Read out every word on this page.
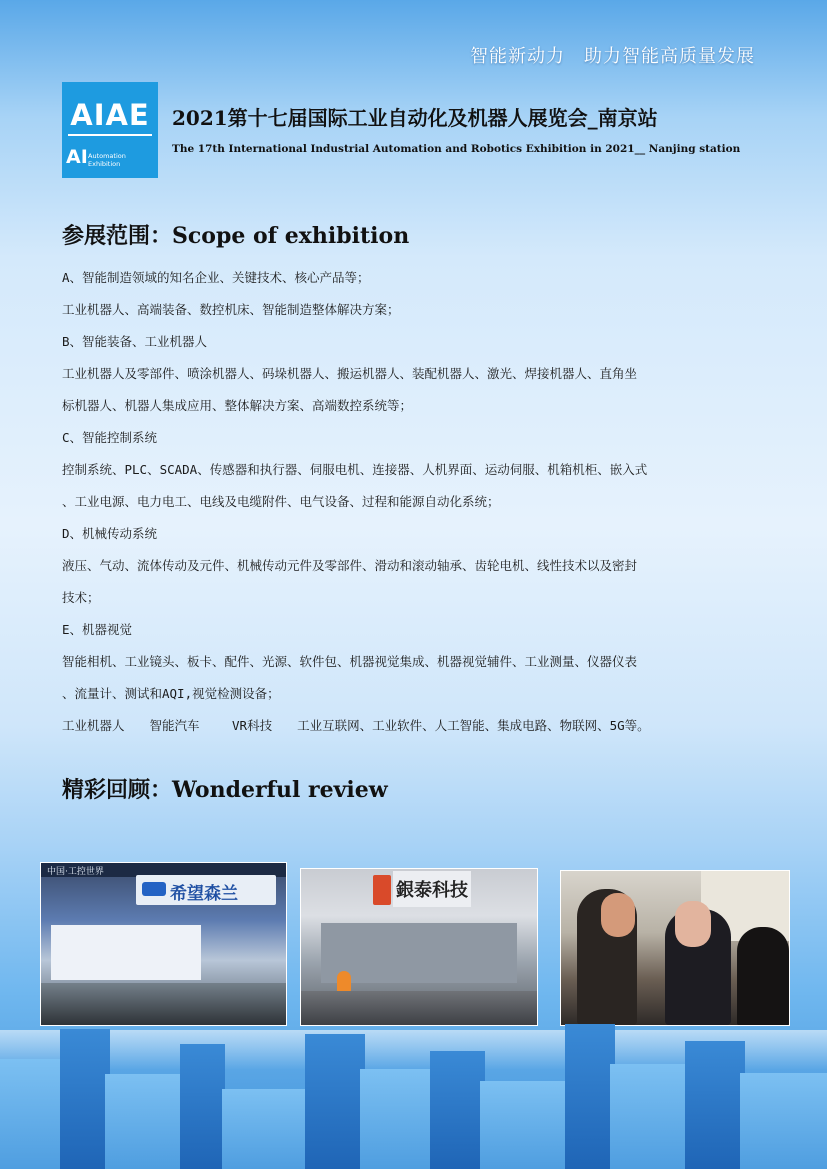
智能新动力　助力智能高质量发展
AIAE
AI Automation
Exhibition
2021第十七届国际工业自动化及机器人展览会_南京站
The 17th International Industrial Automation and Robotics Exhibition in 2021__ Nanjing station
参展范围：Scope of exhibition

A、智能制造领域的知名企业、关键技术、核心产品等；

工业机器人、高端装备、数控机床、智能制造整体解决方案；

B、智能装备、工业机器人

工业机器人及零部件、喷涂机器人、码垛机器人、搬运机器人、装配机器人、激光、焊接机器人、直角坐

标机器人、机器人集成应用、整体解决方案、高端数控系统等；

C、智能控制系统

控制系统、PLC、SCADA、传感器和执行器、伺服电机、连接器、人机界面、运动伺服、机箱机柜、嵌入式

、工业电源、电力电工、电线及电缆附件、电气设备、过程和能源自动化系统；

D、机械传动系统

液压、气动、流体传动及元件、机械传动元件及零部件、滑动和滚动轴承、齿轮电机、线性技术以及密封

技术；

E、机器视觉

智能相机、工业镜头、板卡、配件、光源、软件包、机器视觉集成、机器视觉辅件、工业测量、仪器仪表

、流量计、测试和AQI,视觉检测设备；

工业机器人　　智能汽车　　 VR科技　　工业互联网、工业软件、人工智能、集成电路、物联网、5G等。

精彩回顾：Wonderful review
中国·工控世界
希望森兰	銀泰科技
